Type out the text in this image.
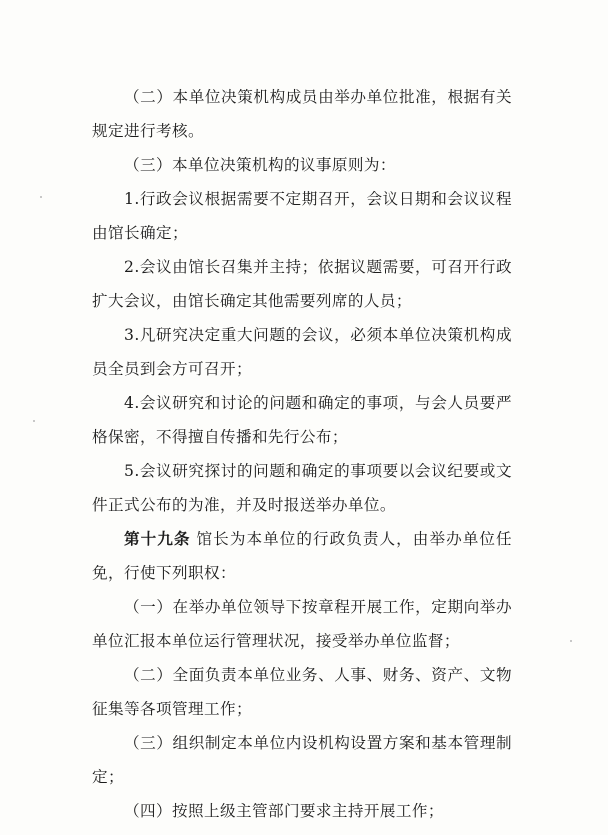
（二）本单位决策机构成员由举办单位批准，根据有关规定进行考核。

（三）本单位决策机构的议事原则为：

1.行政会议根据需要不定期召开，会议日期和会议议程由馆长确定；

2.会议由馆长召集并主持；依据议题需要，可召开行政扩大会议，由馆长确定其他需要列席的人员；

3.凡研究决定重大问题的会议，必须本单位决策机构成员全员到会方可召开；

4.会议研究和讨论的问题和确定的事项，与会人员要严格保密，不得擅自传播和先行公布；

5.会议研究探讨的问题和确定的事项要以会议纪要或文件正式公布的为准，并及时报送举办单位。

第十九条 馆长为本单位的行政负责人，由举办单位任免，行使下列职权：

（一）在举办单位领导下按章程开展工作，定期向举办单位汇报本单位运行管理状况，接受举办单位监督；

（二）全面负责本单位业务、人事、财务、资产、文物征集等各项管理工作；

（三）组织制定本单位内设机构设置方案和基本管理制定；

（四）按照上级主管部门要求主持开展工作；
